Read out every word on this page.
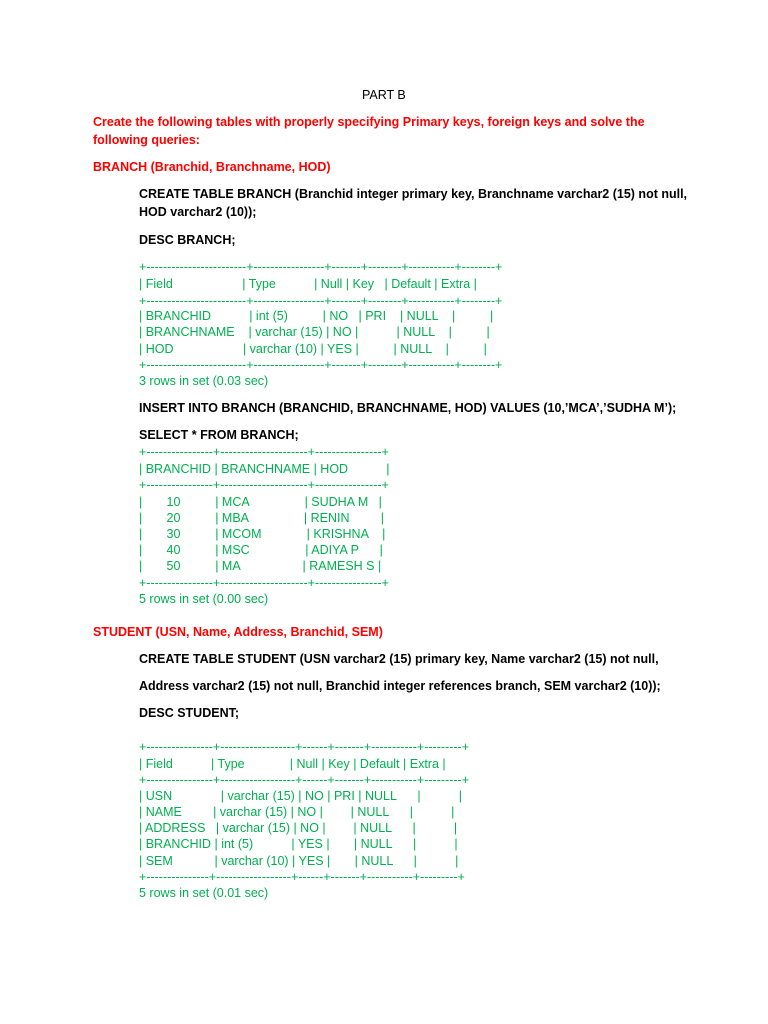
PART B
Create the following tables with properly specifying Primary keys, foreign keys and solve the
following queries:
BRANCH (Branchid, Branchname, HOD)
CREATE TABLE BRANCH (Branchid integer primary key, Branchname varchar2 (15) not null,
HOD varchar2 (10));
DESC BRANCH;
+------------------------+-----------------+-------+--------+-----------+--------+
| Field                    | Type           | Null | Key   | Default | Extra |
+------------------------+-----------------+-------+--------+-----------+--------+
| BRANCHID           | int (5)          | NO   | PRI    | NULL    |          |
| BRANCHNAME    | varchar (15) | NO |           | NULL    |          |
| HOD                    | varchar (10) | YES |          | NULL    |          |
+------------------------+-----------------+-------+--------+-----------+--------+
3 rows in set (0.03 sec)
INSERT INTO BRANCH (BRANCHID, BRANCHNAME, HOD) VALUES (10,’MCA’,’SUDHA M’);
SELECT * FROM BRANCH;
+----------------+---------------------+----------------+
| BRANCHID | BRANCHNAME | HOD           |
+----------------+---------------------+----------------+
|       10          | MCA                | SUDHA M   |
|       20          | MBA                | RENIN         |
|       30          | MCOM             | KRISHNA    |
|       40          | MSC                | ADIYA P      |
|       50          | MA                  | RAMESH S |
+----------------+---------------------+----------------+
5 rows in set (0.00 sec)
STUDENT (USN, Name, Address, Branchid, SEM)
CREATE TABLE STUDENT (USN varchar2 (15) primary key, Name varchar2 (15) not null,
Address varchar2 (15) not null, Branchid integer references branch, SEM varchar2 (10));
DESC STUDENT;
+----------------+------------------+------+-------+-----------+---------+
| Field           | Type             | Null | Key | Default | Extra |
+----------------+------------------+------+-------+-----------+---------+
| USN              | varchar (15) | NO | PRI | NULL      |           |
| NAME         | varchar (15) | NO |        | NULL      |           |
| ADDRESS   | varchar (15) | NO |        | NULL      |           |
| BRANCHID | int (5)           | YES |       | NULL      |           |
| SEM            | varchar (10) | YES |       | NULL      |           |
+---------------+------------------+------+-------+-----------+---------+
5 rows in set (0.01 sec)
